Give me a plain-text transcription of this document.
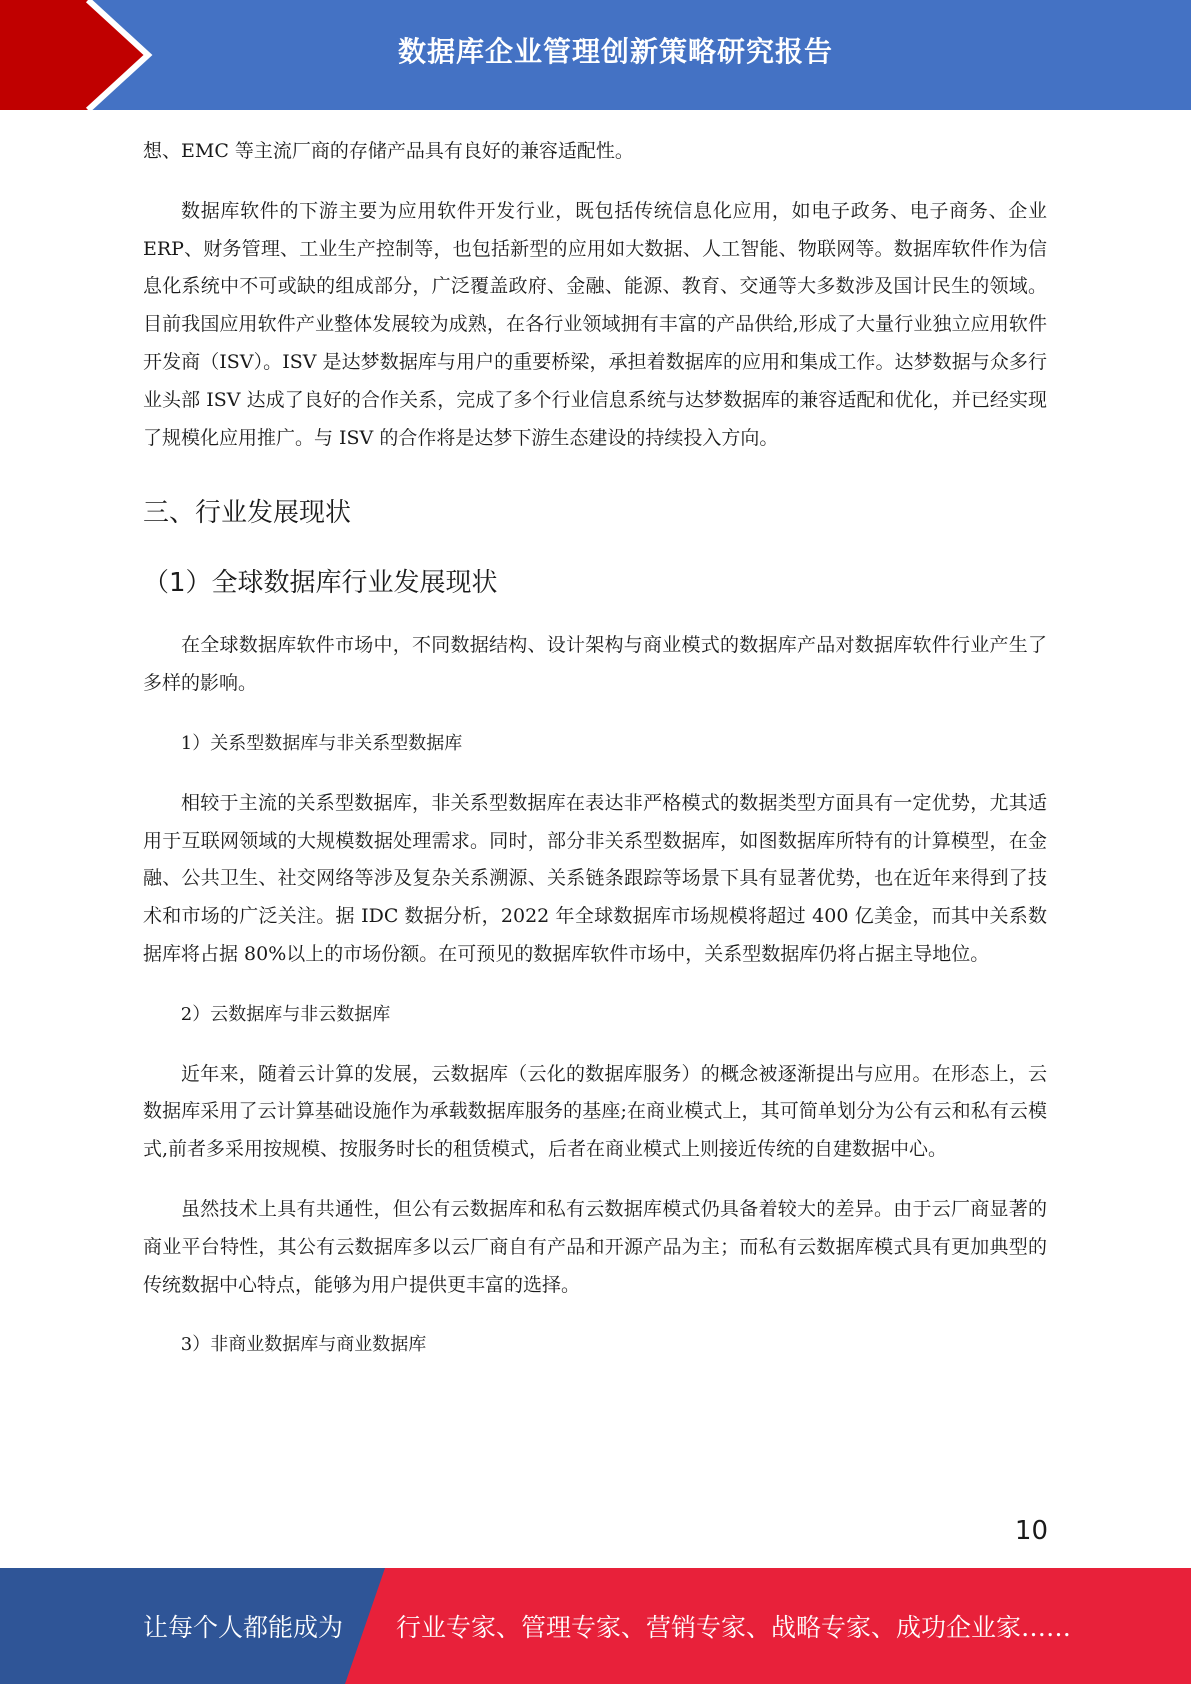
数据库企业管理创新策略研究报告

想、EMC 等主流厂商的存储产品具有良好的兼容适配性。

数据库软件的下游主要为应用软件开发行业，既包括传统信息化应用，如电子政务、电子商务、企业 ERP、财务管理、工业生产控制等，也包括新型的应用如大数据、人工智能、物联网等。数据库软件作为信息化系统中不可或缺的组成部分，广泛覆盖政府、金融、能源、教育、交通等大多数涉及国计民生的领域。目前我国应用软件产业整体发展较为成熟，在各行业领域拥有丰富的产品供给,形成了大量行业独立应用软件开发商（ISV）。ISV 是达梦数据库与用户的重要桥梁，承担着数据库的应用和集成工作。达梦数据与众多行业头部 ISV 达成了良好的合作关系，完成了多个行业信息系统与达梦数据库的兼容适配和优化，并已经实现了规模化应用推广。与 ISV 的合作将是达梦下游生态建设的持续投入方向。

三、行业发展现状
（1）全球数据库行业发展现状

在全球数据库软件市场中，不同数据结构、设计架构与商业模式的数据库产品对数据库软件行业产生了多样的影响。

1）关系型数据库与非关系型数据库

相较于主流的关系型数据库，非关系型数据库在表达非严格模式的数据类型方面具有一定优势，尤其适用于互联网领域的大规模数据处理需求。同时，部分非关系型数据库，如图数据库所特有的计算模型，在金融、公共卫生、社交网络等涉及复杂关系溯源、关系链条跟踪等场景下具有显著优势，也在近年来得到了技术和市场的广泛关注。据 IDC 数据分析，2022 年全球数据库市场规模将超过 400 亿美金，而其中关系数据库将占据 80%以上的市场份额。在可预见的数据库软件市场中，关系型数据库仍将占据主导地位。

2）云数据库与非云数据库

近年来，随着云计算的发展，云数据库（云化的数据库服务）的概念被逐渐提出与应用。在形态上，云数据库采用了云计算基础设施作为承载数据库服务的基座;在商业模式上，其可简单划分为公有云和私有云模式,前者多采用按规模、按服务时长的租赁模式，后者在商业模式上则接近传统的自建数据中心。

虽然技术上具有共通性，但公有云数据库和私有云数据库模式仍具备着较大的差异。由于云厂商显著的商业平台特性，其公有云数据库多以云厂商自有产品和开源产品为主；而私有云数据库模式具有更加典型的传统数据中心特点，能够为用户提供更丰富的选择。

3）非商业数据库与商业数据库

10
让每个人都能成为 行业专家、管理专家、营销专家、战略专家、成功企业家……
